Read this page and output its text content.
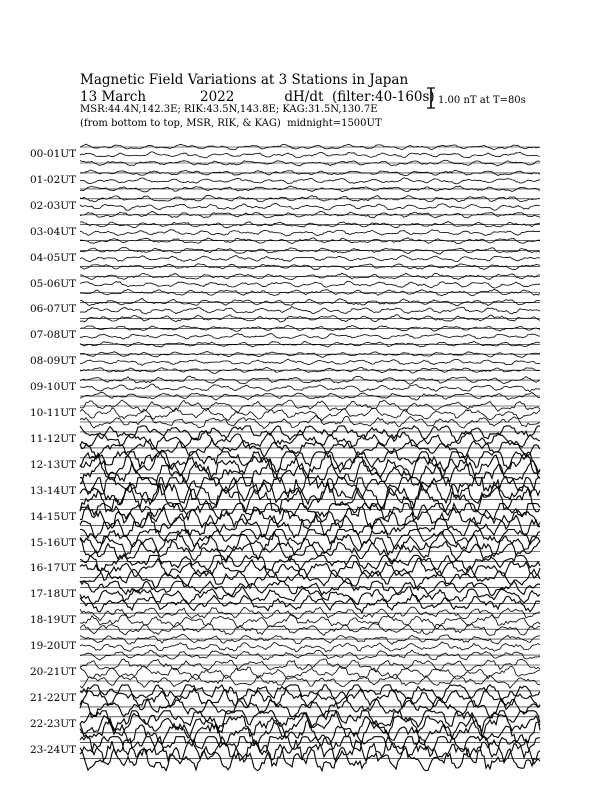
Magnetic Field Variations at 3 Stations in Japan
13 March	2022	dH/dt (filter:40-160s)
MSR:44.4N,142.3E; RIK:43.5N,143.8E; KAG:31.5N,130.7E
(from bottom to top, MSR, RIK, & KAG) midnight=1500UT
1.00 nT at T=80s
00-01UT
01-02UT
02-03UT
03-04UT
04-05UT
05-06UT
06-07UT
07-08UT
08-09UT
09-10UT
10-11UT
11-12UT
12-13UT
13-14UT
14-15UT
15-16UT
16-17UT
17-18UT
18-19UT
19-20UT
20-21UT
21-22UT
22-23UT
23-24UT
